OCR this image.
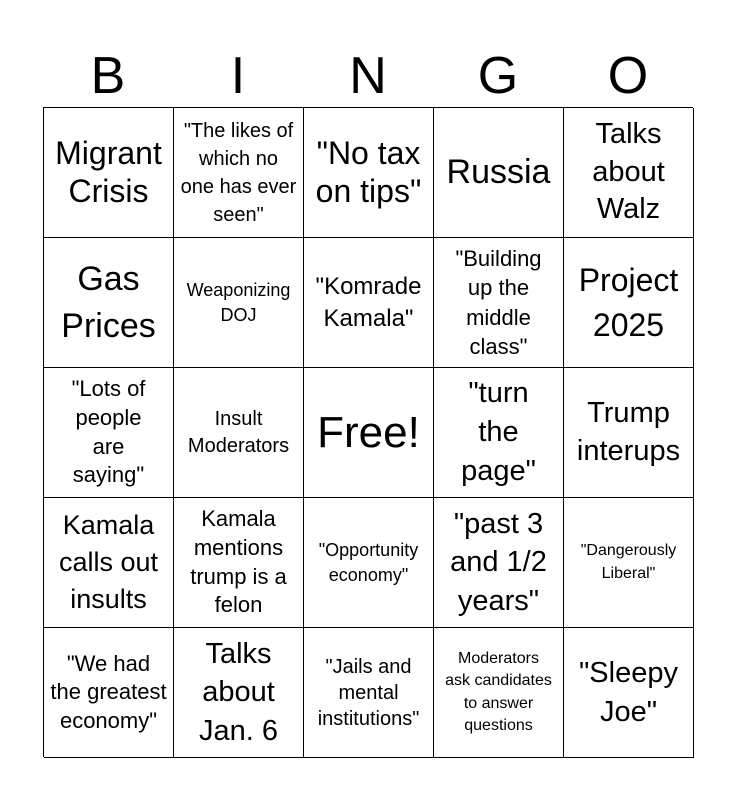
B	I	N	G	O
Migrant Crisis
"The likes of which no one has ever seen"
"No tax on tips" Russia
Talks about Walz
Gas Prices
Weaponizing DOJ
"Komrade Kamala"
"Building up the middle class"
Project 2025
"Lots of people are saying"
Insult Moderators Free!
"turn the page"
Trump interups
Kamala calls out insults
Kamala mentions trump is a felon
"Opportunity economy"
"past 3 and 1/2 years"
"Dangerously Liberal"
"We had the greatest economy"
Talks about Jan. 6
"Jails and mental institutions"
Moderators ask candidates to answer questions
"Sleepy Joe"
